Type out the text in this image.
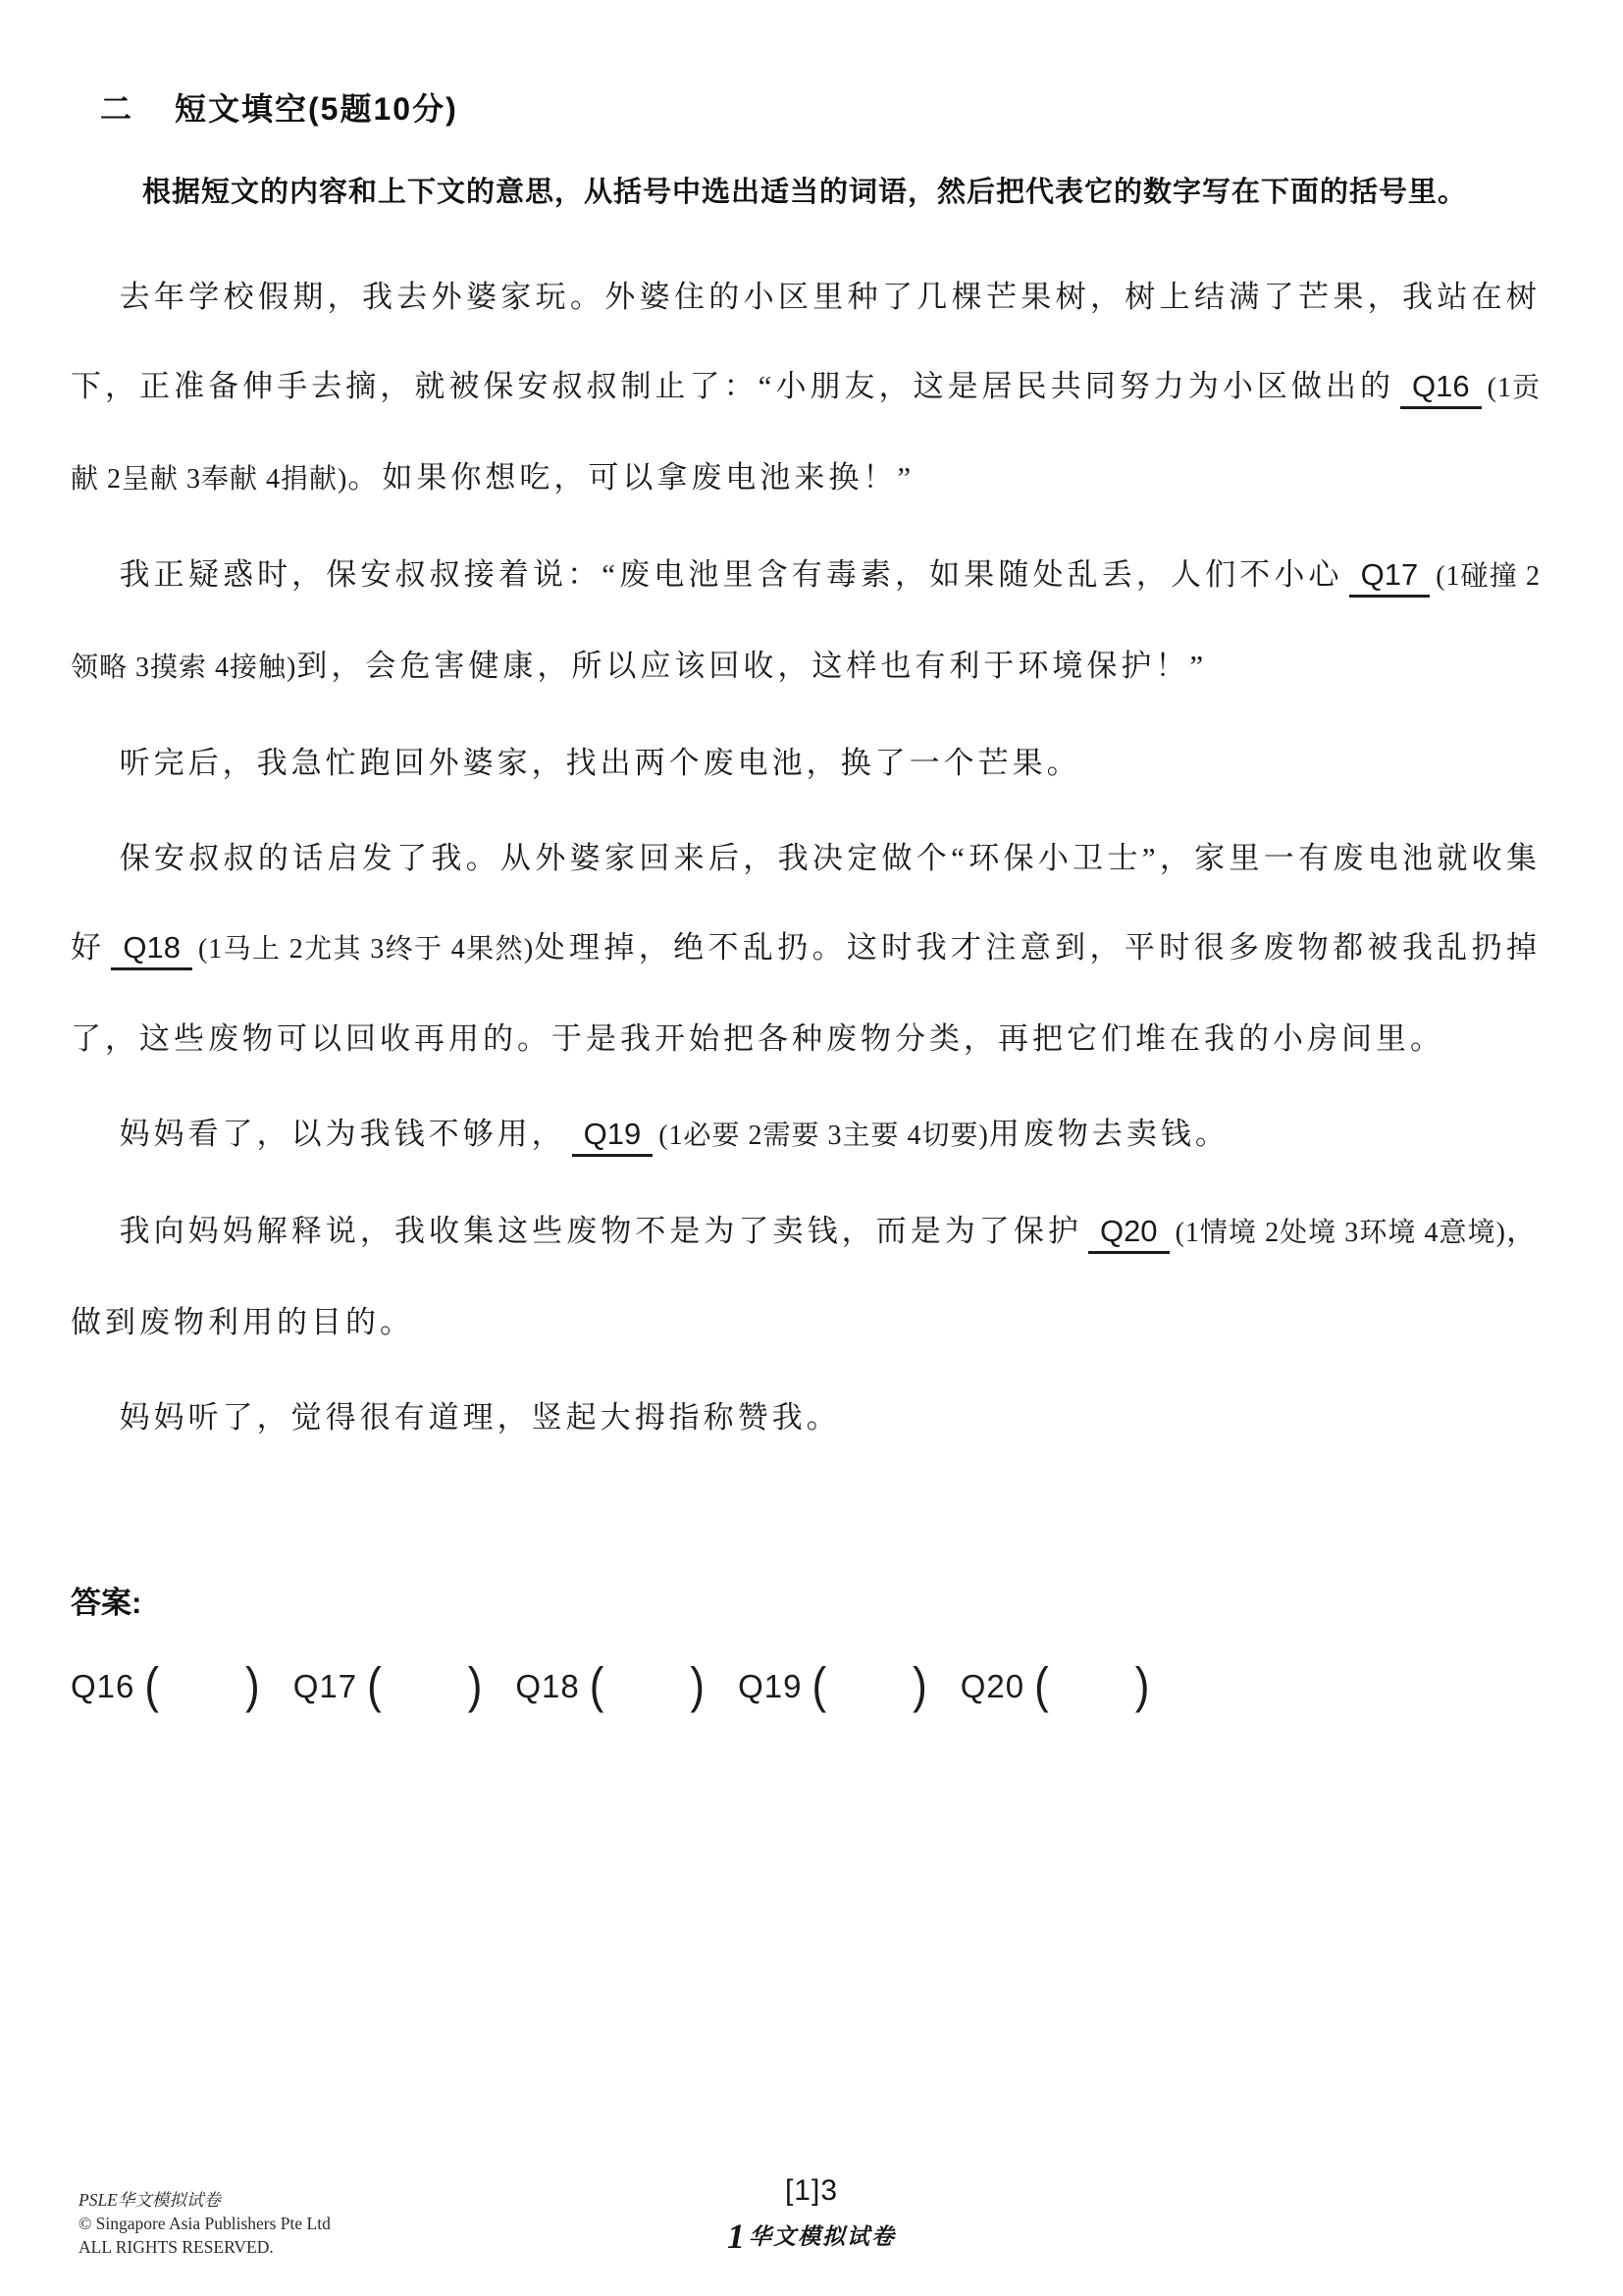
二 短文填空(5题10分)
根据短文的内容和上下文的意思，从括号中选出适当的词语，然后把代表它的数字写在下面的括号里。

去年学校假期，我去外婆家玩。外婆住的小区里种了几棵芒果树，树上结满了芒果，我站在树下，正准备伸手去摘，就被保安叔叔制止了：“小朋友，这是居民共同努力为小区做出的 Q16 (1贡献 2呈献 3奉献 4捐献)。如果你想吃，可以拿废电池来换！”

我正疑惑时，保安叔叔接着说：“废电池里含有毒素，如果随处乱丢，人们不小心 Q17 (1碰撞 2领略 3摸索 4接触)到，会危害健康，所以应该回收，这样也有利于环境保护！”

听完后，我急忙跑回外婆家，找出两个废电池，换了一个芒果。

保安叔叔的话启发了我。从外婆家回来后，我决定做个“环保小卫士”，家里一有废电池就收集好 Q18 (1马上 2尤其 3终于 4果然)处理掉，绝不乱扔。这时我才注意到，平时很多废物都被我乱扔掉了，这些废物可以回收再用的。于是我开始把各种废物分类，再把它们堆在我的小房间里。

妈妈看了，以为我钱不够用， Q19 (1必要 2需要 3主要 4切要)用废物去卖钱。

我向妈妈解释说，我收集这些废物不是为了卖钱，而是为了保护 Q20 (1情境 2处境 3环境 4意境)，做到废物利用的目的。

妈妈听了，觉得很有道理，竖起大拇指称赞我。

答案:
Q16 ( ) Q17 ( ) Q18 ( ) Q19 ( ) Q20 ( )
PSLE华文模拟试卷
© Singapore Asia Publishers Pte Ltd
ALL RIGHTS RESERVED.
[1]3
1 华文模拟试卷
